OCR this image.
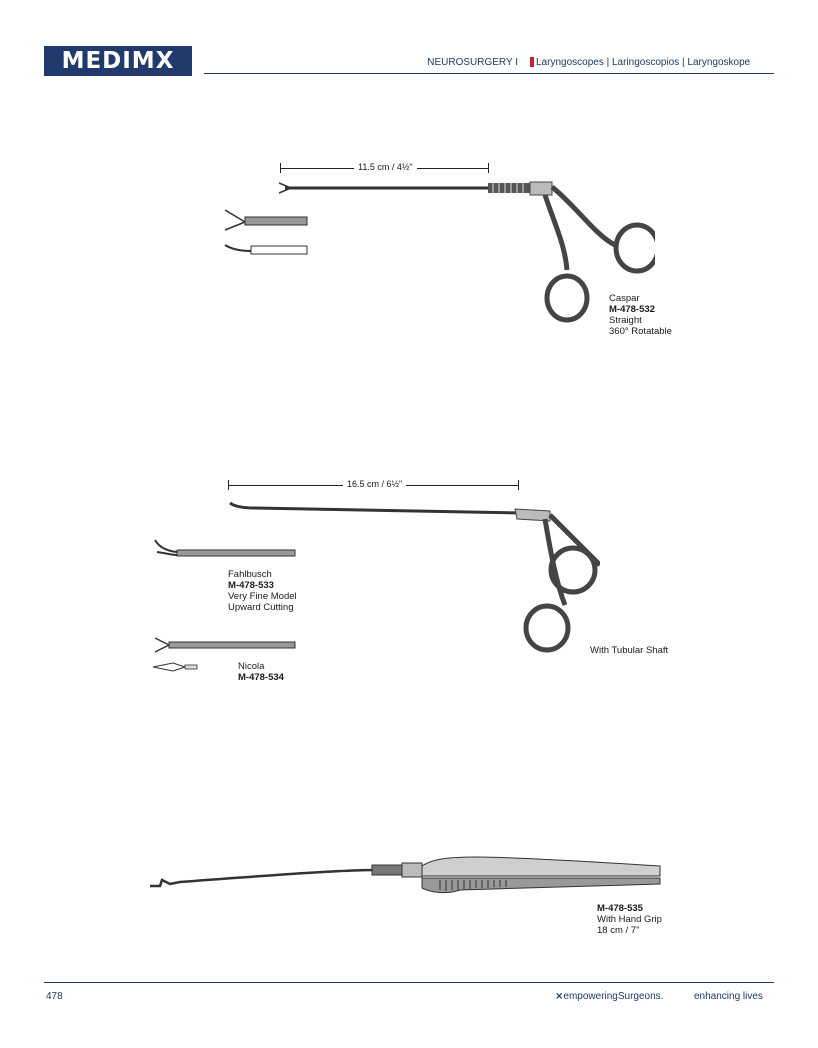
MEDIMX	NEUROSURGERY I Laryngoscopes | Laringoscopios | Laryngoskope
11.5 cm / 4½"
Caspar
M-478-532
Straight
360° Rotatable
16.5 cm / 6½"
Fahlbusch
M-478-533
Very Fine Model
Upward Cutting
Nicola
M-478-534
With Tubular Shaft
M-478-535
With Hand Grip
18 cm / 7"
478	⨯empoweringSurgeons.	enhancing lives
